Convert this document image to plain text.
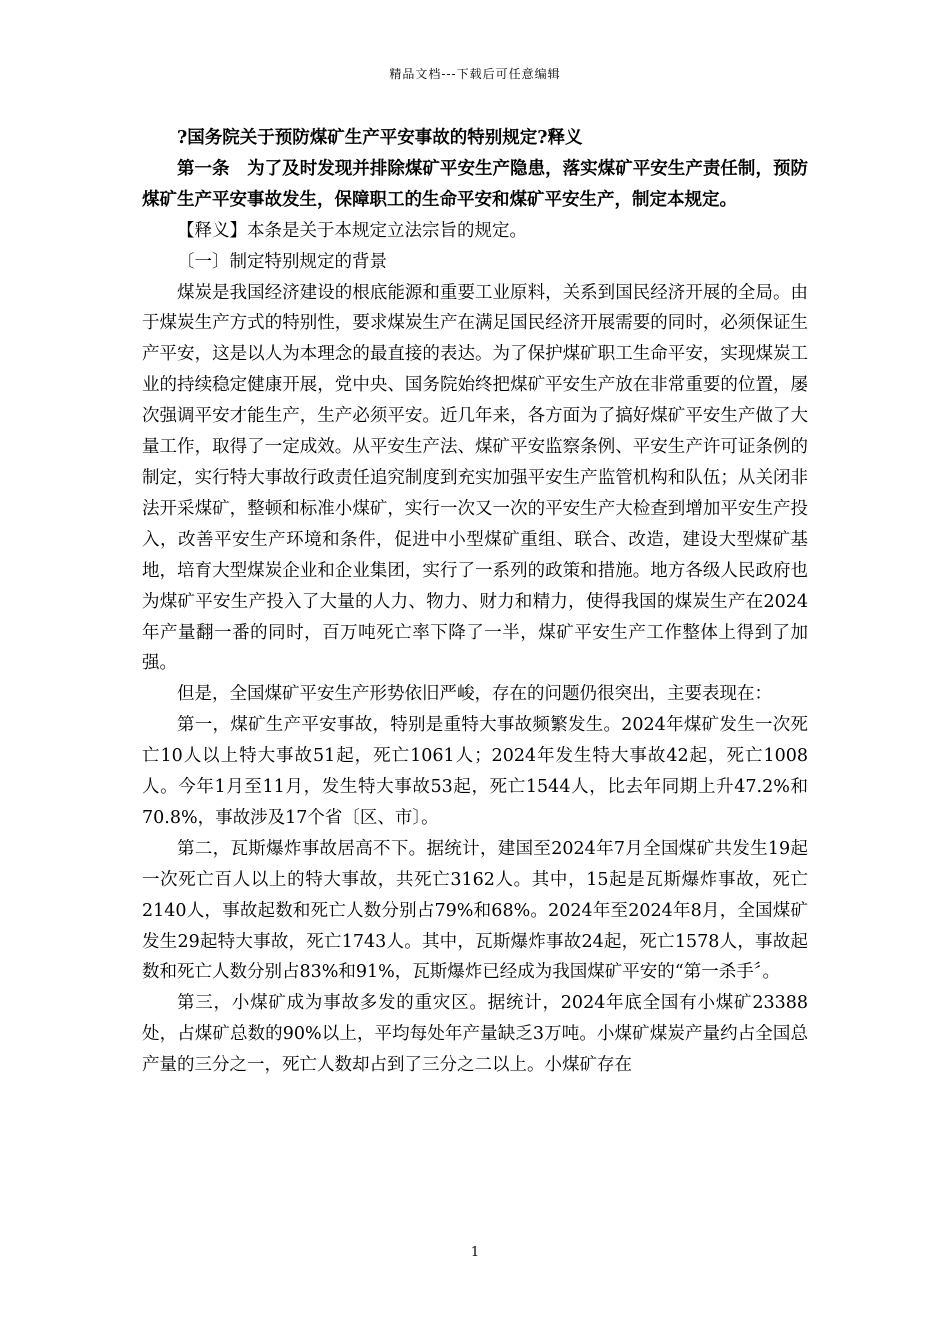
精品文档---下载后可任意编辑

?国务院关于预防煤矿生产平安事故的特别规定?释义

第一条　为了及时发现并排除煤矿平安生产隐患，落实煤矿平安生产责任制，预防煤矿生产平安事故发生，保障职工的生命平安和煤矿平安生产，制定本规定。

【释义】本条是关于本规定立法宗旨的规定。

〔一〕制定特别规定的背景

煤炭是我国经济建设的根底能源和重要工业原料，关系到国民经济开展的全局。由于煤炭生产方式的特别性，要求煤炭生产在满足国民经济开展需要的同时，必须保证生产平安，这是以人为本理念的最直接的表达。为了保护煤矿职工生命平安，实现煤炭工业的持续稳定健康开展，党中央、国务院始终把煤矿平安生产放在非常重要的位置，屡次强调平安才能生产，生产必须平安。近几年来，各方面为了搞好煤矿平安生产做了大量工作，取得了一定成效。从平安生产法、煤矿平安监察条例、平安生产许可证条例的制定，实行特大事故行政责任追究制度到充实加强平安生产监管机构和队伍；从关闭非法开采煤矿，整顿和标准小煤矿，实行一次又一次的平安生产大检查到增加平安生产投入，改善平安生产环境和条件，促进中小型煤矿重组、联合、改造，建设大型煤矿基地，培育大型煤炭企业和企业集团，实行了一系列的政策和措施。地方各级人民政府也为煤矿平安生产投入了大量的人力、物力、财力和精力，使得我国的煤炭生产在2024年产量翻一番的同时，百万吨死亡率下降了一半，煤矿平安生产工作整体上得到了加强。

但是，全国煤矿平安生产形势依旧严峻，存在的问题仍很突出，主要表现在：

第一，煤矿生产平安事故，特别是重特大事故频繁发生。2024年煤矿发生一次死亡10人以上特大事故51起，死亡1061人；2024年发生特大事故42起，死亡1008人。今年1月至11月，发生特大事故53起，死亡1544人，比去年同期上升47.2%和70.8%，事故涉及17个省〔区、市〕。

第二，瓦斯爆炸事故居高不下。据统计，建国至2024年7月全国煤矿共发生19起一次死亡百人以上的特大事故，共死亡3162人。其中，15起是瓦斯爆炸事故，死亡2140人，事故起数和死亡人数分别占79%和68%。2024年至2024年8月，全国煤矿发生29起特大事故，死亡1743人。其中，瓦斯爆炸事故24起，死亡1578人，事故起数和死亡人数分别占83%和91%，瓦斯爆炸已经成为我国煤矿平安的“第一杀手〞。

第三，小煤矿成为事故多发的重灾区。据统计，2024年底全国有小煤矿23388处，占煤矿总数的90%以上，平均每处年产量缺乏3万吨。小煤矿煤炭产量约占全国总产量的三分之一，死亡人数却占到了三分之二以上。小煤矿存在

1
